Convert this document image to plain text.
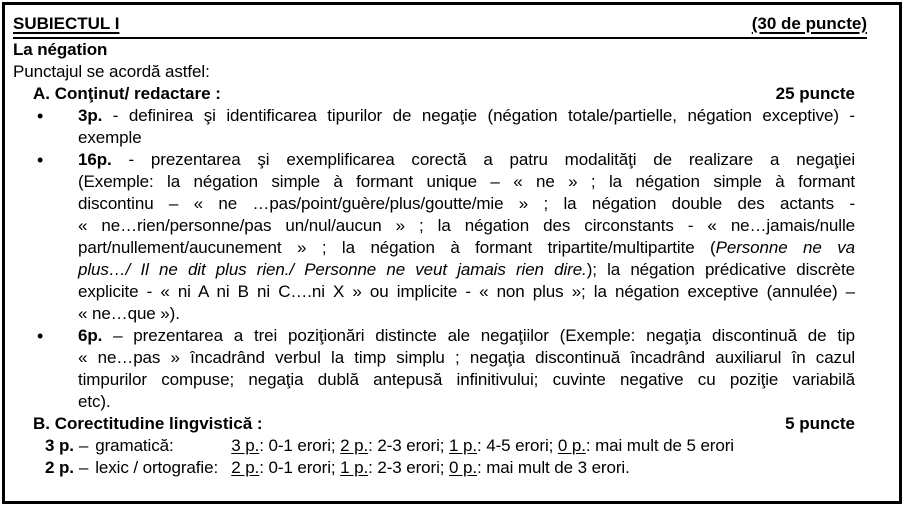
SUBIECTUL I	(30 de puncte)
La négation
Punctajul se acordă astfel:
A. Conţinut/ redactare :	25 puncte
• 3p. - definirea şi identificarea tipurilor de negaţie (négation totale/partielle, négation exceptive) -
exemple
• 16p. - prezentarea şi exemplificarea corectă a patru modalităţi de realizare a negaţiei
(Exemple: la négation simple à formant unique – « ne » ; la négation simple à formant
discontinu – « ne …pas/point/guère/plus/goutte/mie » ; la négation double des actants -
« ne…rien/personne/pas un/nul/aucun » ; la négation des circonstants - « ne…jamais/nulle
part/nullement/aucunement » ; la négation à formant tripartite/multipartite (Personne ne va
plus…/ Il ne dit plus rien./ Personne ne veut jamais rien dire.); la négation prédicative discrète
explicite - « ni A ni B ni C….ni X » ou implicite - « non plus »; la négation exceptive (annulée) –
« ne…que »).
• 6p. – prezentarea a trei poziţionări distincte ale negaţiilor (Exemple: negaţia discontinuă de tip
« ne…pas » încadrând verbul la timp simplu ; negaţia discontinuă încadrând auxiliarul în cazul
timpurilor compuse; negaţia dublă antepusă infinitivului; cuvinte negative cu poziţie variabilă
etc).
B. Corectitudine lingvistică :	5 puncte
3 p. – gramatică:	3 p.: 0-1 erori; 2 p.: 2-3 erori; 1 p.: 4-5 erori; 0 p.: mai mult de 5 erori
2 p. – lexic / ortografie: 2 p.: 0-1 erori; 1 p.: 2-3 erori; 0 p.: mai mult de 3 erori.
